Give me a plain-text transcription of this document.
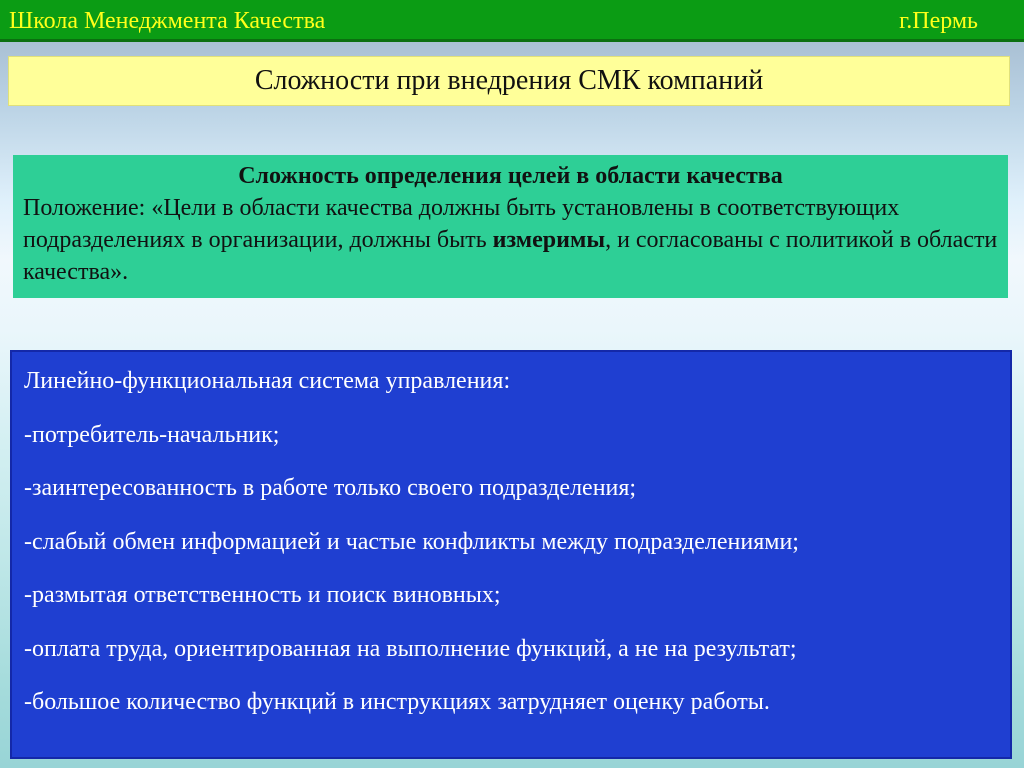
Школа Менеджмента Качества	г.Пермь
Сложности при внедрения СМК компаний
Сложность определения целей в области качества
Положение: «Цели в области качества должны быть установлены в соответствующих подразделениях в организации, должны быть измеримы, и согласованы с политикой в области качества».
Линейно-функциональная система управления:
-потребитель-начальник;
-заинтересованность в работе только своего подразделения;
-слабый обмен информацией и частые конфликты между подразделениями;
-размытая ответственность и поиск виновных;
-оплата труда, ориентированная на выполнение функций, а не на результат;
-большое количество функций в инструкциях затрудняет оценку работы.
